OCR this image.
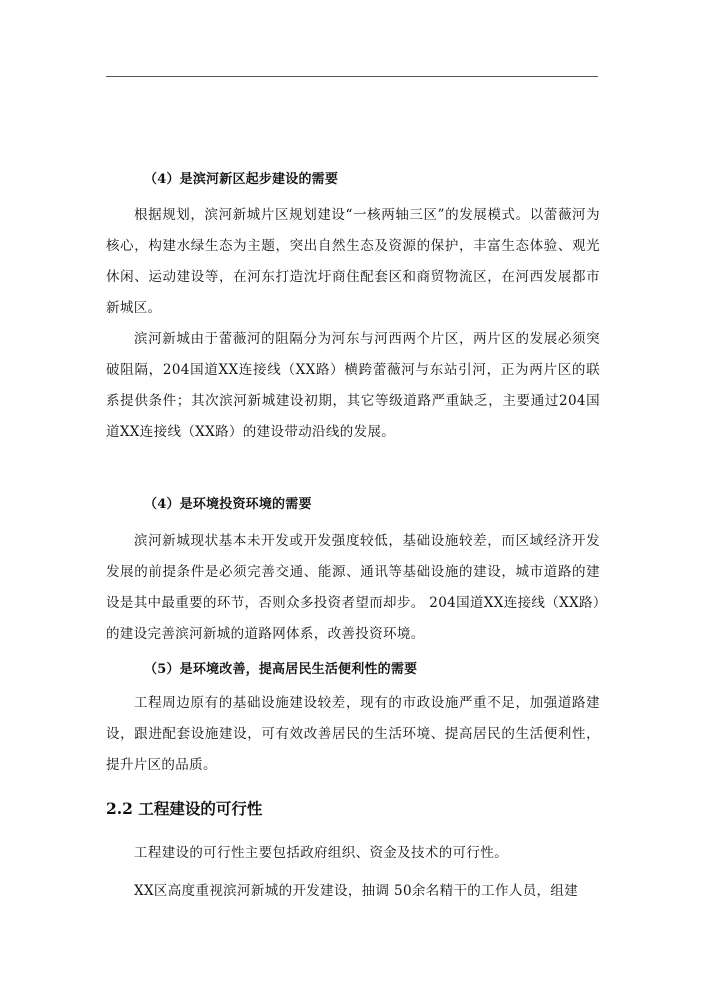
（4）是滨河新区起步建设的需要
根据规划，滨河新城片区规划建设“一核两轴三区”的发展模式。以蕾薇河为核心，构建水绿生态为主题，突出自然生态及资源的保护，丰富生态体验、观光休闲、运动建设等，在河东打造沈圩商住配套区和商贸物流区，在河西发展都市新城区。
滨河新城由于蕾薇河的阻隔分为河东与河西两个片区，两片区的发展必须突破阻隔，204国道XX连接线（XX路）横跨蕾薇河与东站引河，正为两片区的联系提供条件；其次滨河新城建设初期，其它等级道路严重缺乏，主要通过204国道XX连接线（XX路）的建设带动沿线的发展。
（4）是环境投资环境的需要
滨河新城现状基本未开发或开发强度较低，基础设施较差，而区域经济开发发展的前提条件是必须完善交通、能源、通讯等基础设施的建设，城市道路的建设是其中最重要的环节，否则众多投资者望而却步。 204国道XX连接线（XX路）的建设完善滨河新城的道路网体系，改善投资环境。
（5）是环境改善，提高居民生活便利性的需要
工程周边原有的基础设施建设较差，现有的市政设施严重不足，加强道路建设，跟进配套设施建设，可有效改善居民的生活环境、提高居民的生活便利性，提升片区的品质。
2.2 工程建设的可行性
工程建设的可行性主要包括政府组织、资金及技术的可行性。
XX区高度重视滨河新城的开发建设，抽调 50余名精干的工作人员，组建
